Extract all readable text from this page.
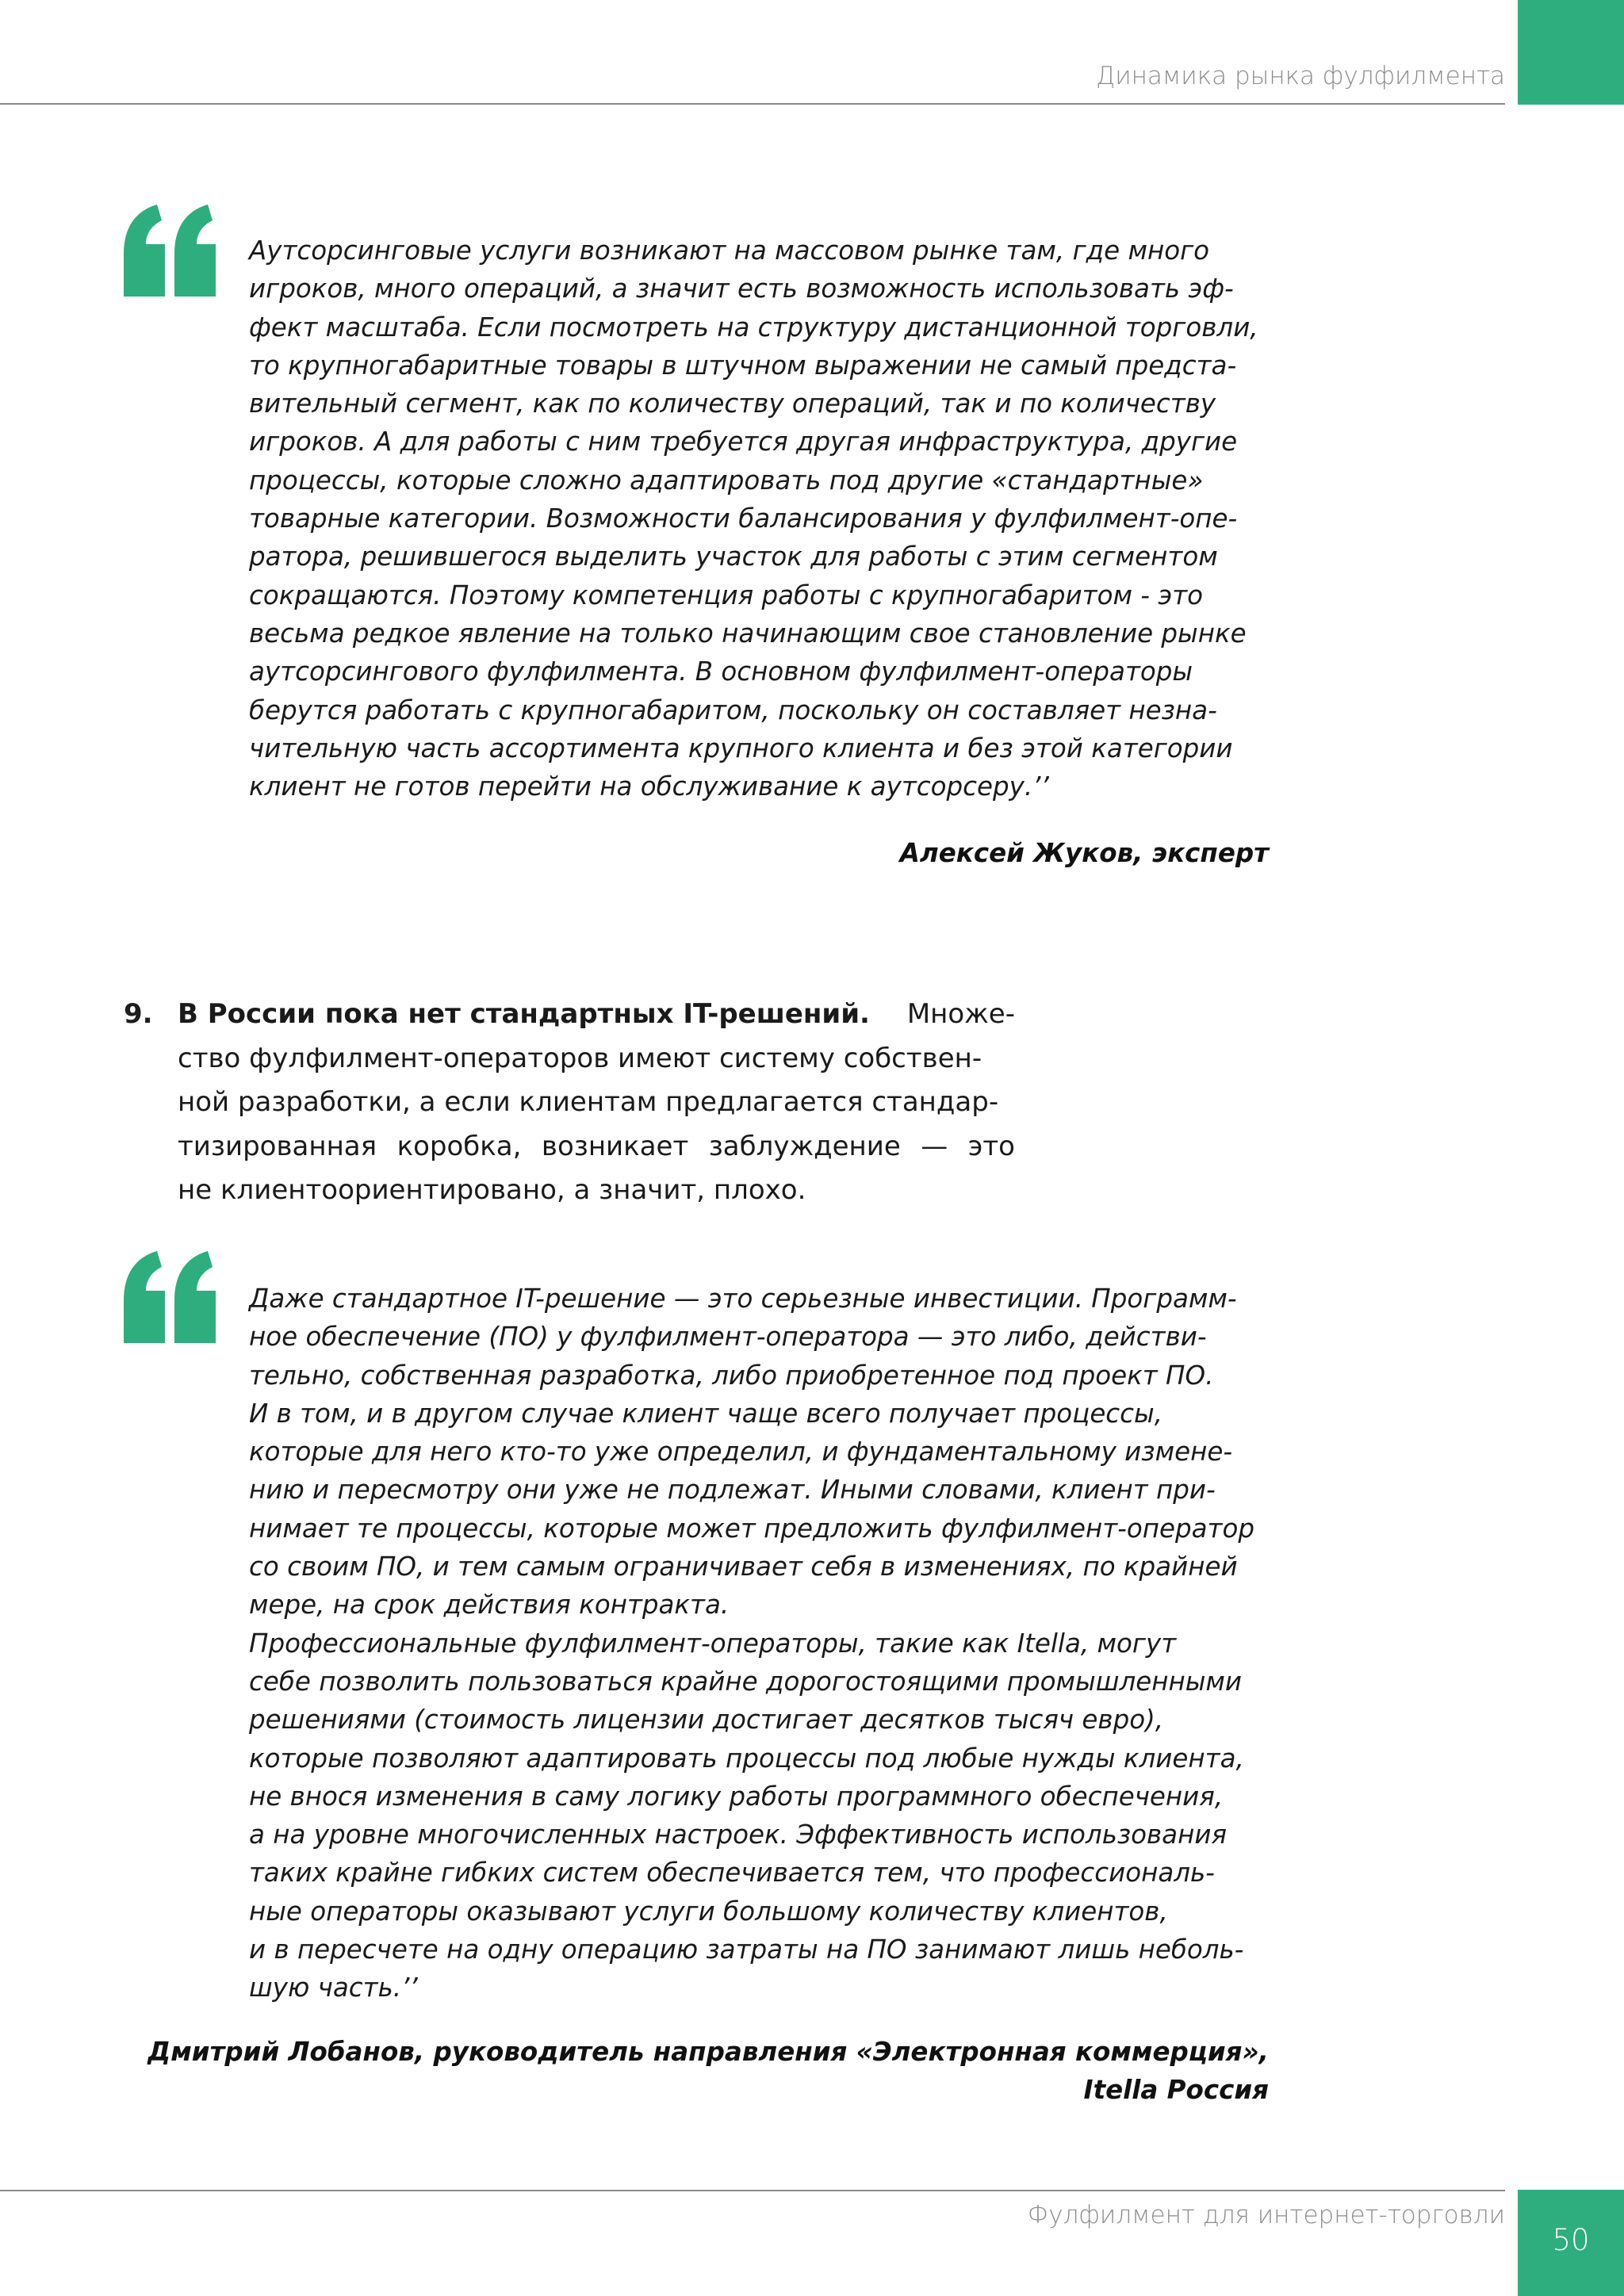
Динамика рынка фулфилмента

Аутсорсинговые услуги возникают на массовом рынке там, где много

игроков, много операций, а значит есть возможность использовать эф-

фект масштаба. Если посмотреть на структуру дистанционной торговли,

то крупногабаритные товары в штучном выражении не самый предста-

вительный сегмент, как по количеству операций, так и по количеству

игроков. А для работы с ним требуется другая инфраструктура, другие

процессы, которые сложно адаптировать под другие «стандартные»

товарные категории. Возможности балансирования у фулфилмент-опе-

ратора, решившегося выделить участок для работы с этим сегментом

сокращаются. Поэтому компетенция работы с крупногабаритом - это

весьма редкое явление на только начинающим свое становление рынке

аутсорсингового фулфилмента. В основном фулфилмент-операторы

берутся работать с крупногабаритом, поскольку он составляет незна-

чительную часть ассортимента крупного клиента и без этой категории

клиент не готов перейти на обслуживание к аутсорсеру.’’

Алексей Жуков, эксперт

9. В России пока нет стандартных IT-решений. Множе-
ство фулфилмент-операторов имеют систему собствен-
ной разработки, а если клиентам предлагается стандар-
тизированная коробка, возникает заблуждение — это
не клиентоориентировано, а значит, плохо.

Даже стандартное IT-решение — это серьезные инвестиции. Программ-

ное обеспечение (ПО) у фулфилмент-оператора — это либо, действи-

тельно, собственная разработка, либо приобретенное под проект ПО.

И в том, и в другом случае клиент чаще всего получает процессы,

которые для него кто-то уже определил, и фундаментальному измене-

нию и пересмотру они уже не подлежат. Иными словами, клиент при-

нимает те процессы, которые может предложить фулфилмент-оператор

со своим ПО, и тем самым ограничивает себя в изменениях, по крайней

мере, на срок действия контракта.

Профессиональные фулфилмент-операторы, такие как Itella, могут

себе позволить пользоваться крайне дорогостоящими промышленными

решениями (стоимость лицензии достигает десятков тысяч евро),

которые позволяют адаптировать процессы под любые нужды клиента,

не внося изменения в саму логику работы программного обеспечения,

а на уровне многочисленных настроек. Эффективность использования

таких крайне гибких систем обеспечивается тем, что профессиональ-

ные операторы оказывают услуги большому количеству клиентов,

и в пересчете на одну операцию затраты на ПО занимают лишь неболь-

шую часть.’’

Дмитрий Лобанов, руководитель направления «Электронная коммерция»,
Itella Россия

Фулфилмент для интернет-торговли
50
